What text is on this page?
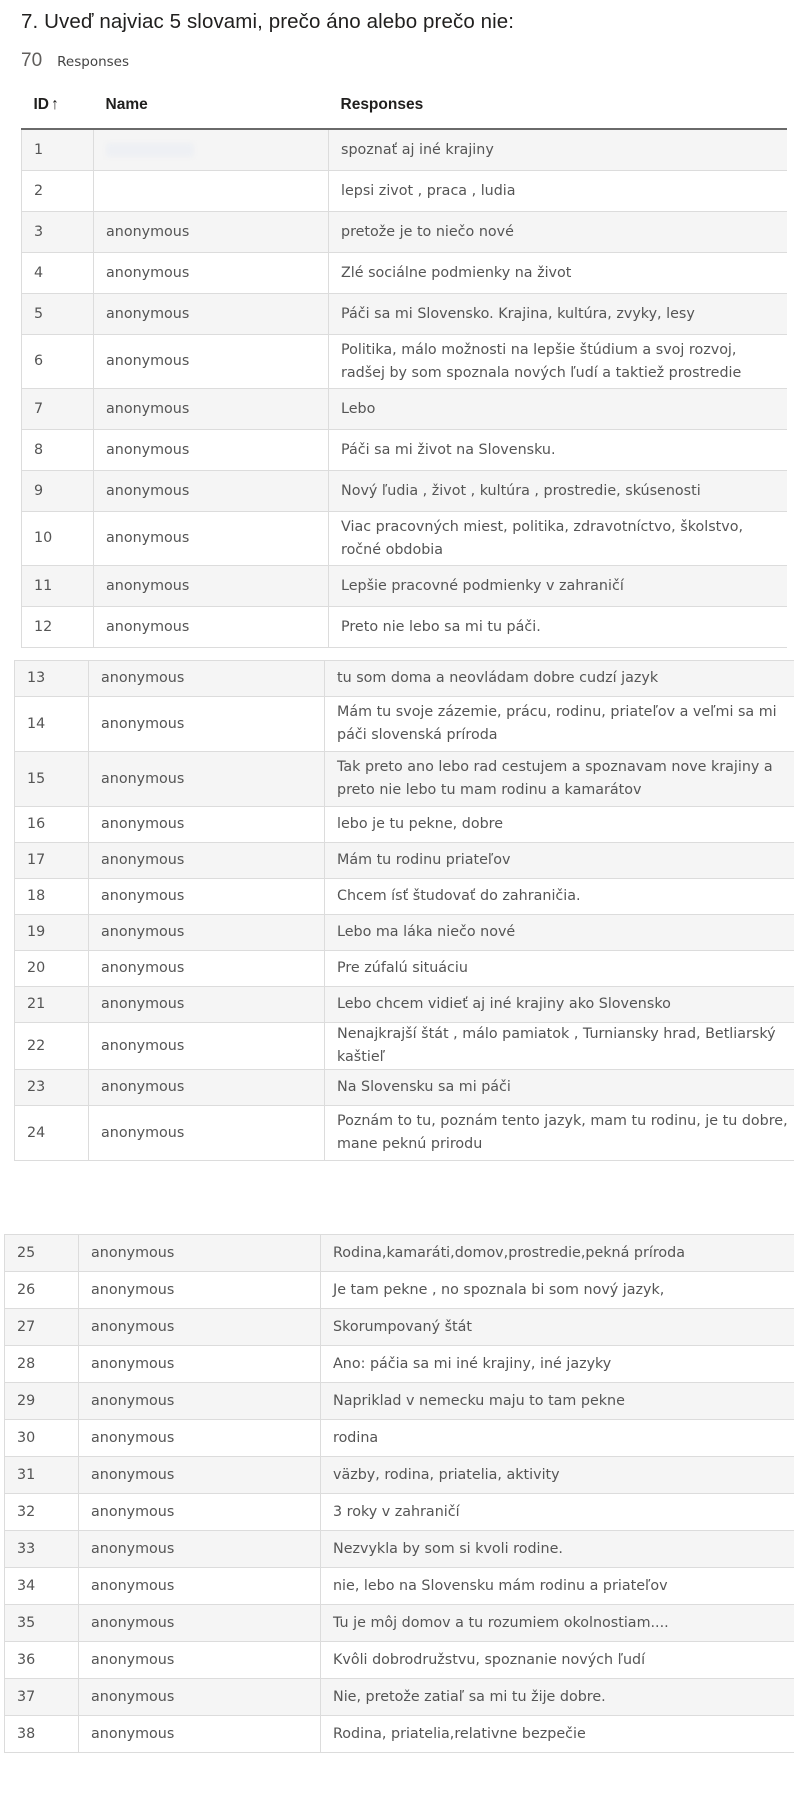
7. Uveď najviac 5 slovami, prečo áno alebo prečo nie:
70 Responses
ID ↑	Name	Responses
1		spoznať aj iné krajiny
2		lepsi zivot , praca , ludia
3	anonymous	pretože je to niečo nové
4	anonymous	Zlé sociálne podmienky na život
5	anonymous	Páči sa mi Slovensko. Krajina, kultúra, zvyky, lesy
6	anonymous	Politika, málo možnosti na lepšie štúdium a svoj rozvoj, radšej by som spoznala nových ľudí a taktiež prostredie
7	anonymous	Lebo
8	anonymous	Páči sa mi život na Slovensku.
9	anonymous	Nový ľudia , život , kultúra , prostredie, skúsenosti
10	anonymous	Viac pracovných miest, politika, zdravotníctvo, školstvo, ročné obdobia
11	anonymous	Lepšie pracovné podmienky v zahraničí
12	anonymous	Preto nie lebo sa mi tu páči.
13	anonymous	tu som doma a neovládam dobre cudzí jazyk
14	anonymous	Mám tu svoje zázemie, prácu, rodinu, priateľov a veľmi sa mi páči slovenská príroda
15	anonymous	Tak preto ano lebo rad cestujem a spoznavam nove krajiny a preto nie lebo tu mam rodinu a kamarátov
16	anonymous	lebo je tu pekne, dobre
17	anonymous	Mám tu rodinu priateľov
18	anonymous	Chcem ísť študovať do zahraničia.
19	anonymous	Lebo ma láka niečo nové
20	anonymous	Pre zúfalú situáciu
21	anonymous	Lebo chcem vidieť aj iné krajiny ako Slovensko
22	anonymous	Nenajkrajší štát , málo pamiatok , Turniansky hrad, Betliarský kaštieľ
23	anonymous	Na Slovensku sa mi páči
24	anonymous	Poznám to tu, poznám tento jazyk, mam tu rodinu, je tu dobre, mane peknú prirodu
25	anonymous	Rodina,kamaráti,domov,prostredie,pekná príroda
26	anonymous	Je tam pekne , no spoznala bi som nový jazyk,
27	anonymous	Skorumpovaný štát
28	anonymous	Ano: páčia sa mi iné krajiny, iné jazyky
29	anonymous	Napriklad v nemecku maju to tam pekne
30	anonymous	rodina
31	anonymous	väzby, rodina, priatelia, aktivity
32	anonymous	3 roky v zahraničí
33	anonymous	Nezvykla by som si kvoli rodine.
34	anonymous	nie, lebo na Slovensku mám rodinu a priateľov
35	anonymous	Tu je môj domov a tu rozumiem okolnostiam....
36	anonymous	Kvôli dobrodružstvu, spoznanie nových ľudí
37	anonymous	Nie, pretože zatiaľ sa mi tu žije dobre.
38	anonymous	Rodina, priatelia,relativne bezpečie
